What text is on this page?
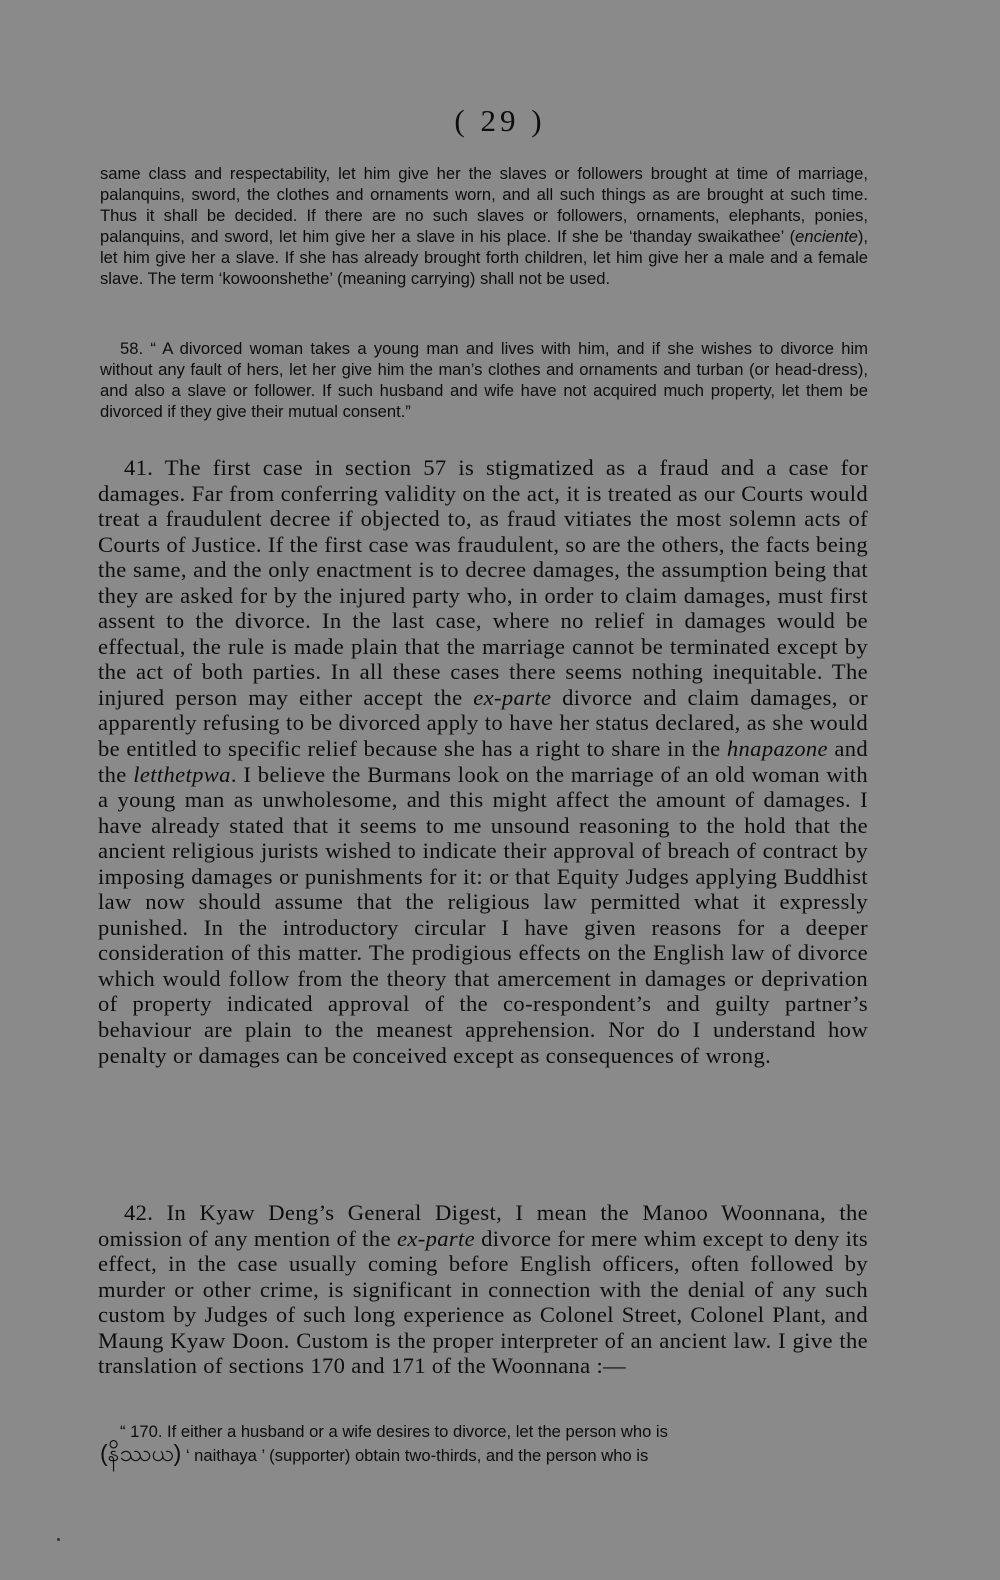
( 29 )

same class and respectability, let him give her the slaves or followers brought at time of marriage, palanquins, sword, the clothes and ornaments worn, and all such things as are brought at such time. Thus it shall be decided. If there are no such slaves or followers, ornaments, elephants, ponies, palanquins, and sword, let him give her a slave in his place. If she be ‘thanday swaikathee’ (enciente), let him give her a slave. If she has already brought forth children, let him give her a male and a female slave. The term ‘kowoonshethe’ (meaning carrying) shall not be used.

58. “ A divorced woman takes a young man and lives with him, and if she wishes to divorce him without any fault of hers, let her give him the man’s clothes and ornaments and turban (or head-dress), and also a slave or follower. If such husband and wife have not acquired much property, let them be divorced if they give their mutual consent.”

41. The first case in section 57 is stigmatized as a fraud and a case for damages. Far from conferring validity on the act, it is treated as our Courts would treat a fraudulent decree if objected to, as fraud vitiates the most solemn acts of Courts of Justice. If the first case was fraudulent, so are the others, the facts being the same, and the only enactment is to decree damages, the assumption being that they are asked for by the injured party who, in order to claim damages, must first assent to the divorce. In the last case, where no relief in damages would be effectual, the rule is made plain that the marriage cannot be terminated except by the act of both parties. In all these cases there seems nothing inequitable. The injured person may either accept the ex-parte divorce and claim damages, or apparently refusing to be divorced apply to have her status declared, as she would be entitled to specific relief because she has a right to share in the hnapazone and the letthetpwa. I believe the Burmans look on the marriage of an old woman with a young man as unwholesome, and this might affect the amount of damages. I have already stated that it seems to me unsound reasoning to the hold that the ancient religious jurists wished to indicate their approval of breach of contract by imposing damages or punishments for it: or that Equity Judges applying Buddhist law now should assume that the religious law permitted what it expressly punished. In the introductory circular I have given reasons for a deeper consideration of this matter. The prodigious effects on the English law of divorce which would follow from the theory that amercement in damages or deprivation of property indicated approval of the co-respondent’s and guilty partner’s behaviour are plain to the meanest apprehension. Nor do I understand how penalty or damages can be conceived except as consequences of wrong.

42. In Kyaw Deng’s General Digest, I mean the Manoo Woonnana, the omission of any mention of the ex-parte divorce for mere whim except to deny its effect, in the case usually coming before English officers, often followed by murder or other crime, is significant in connection with the denial of any such custom by Judges of such long experience as Colonel Street, Colonel Plant, and Maung Kyaw Doon. Custom is the proper interpreter of an ancient law. I give the translation of sections 170 and 171 of the Woonnana :—

“ 170. If either a husband or a wife desires to divorce, let the person who is

(နိဿယ) ‘ naithaya ’ (supporter) obtain two-thirds, and the person who is
